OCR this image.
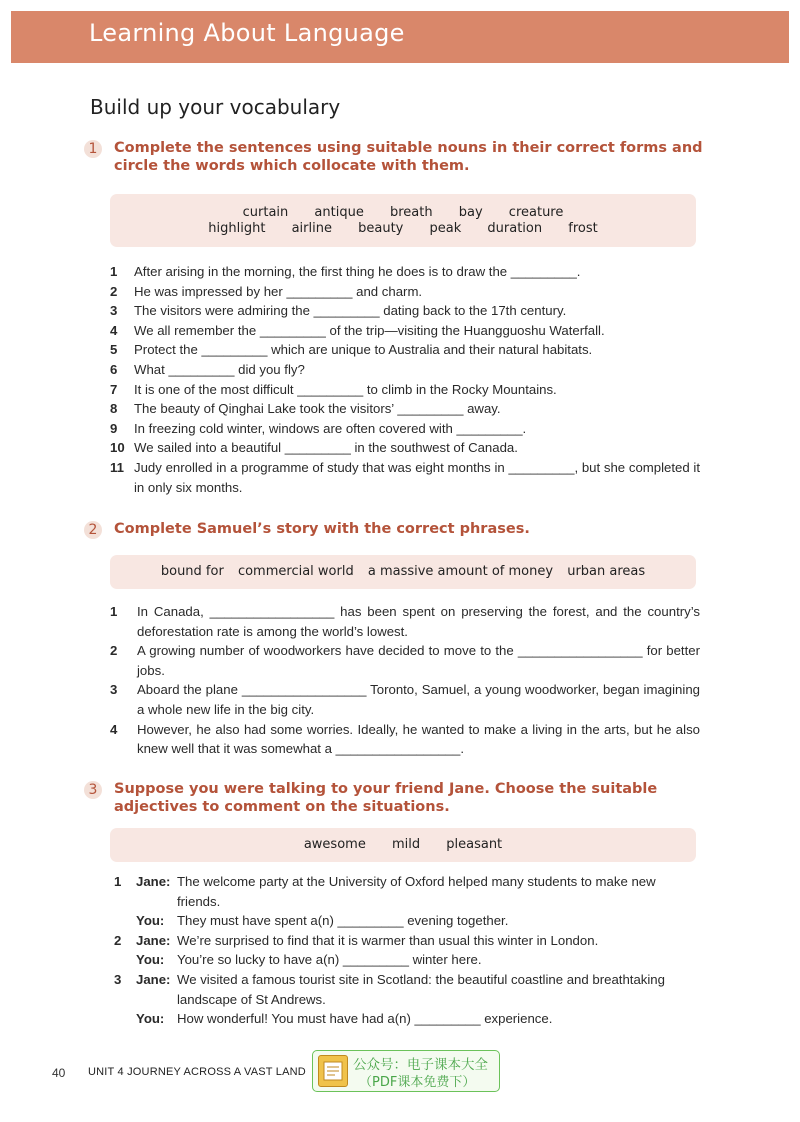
Learning About Language
Build up your vocabulary
1	Complete the sentences using suitable nouns in their correct forms and circle the words which collocate with them.
curtain antique breath bay creature
highlight airline beauty peak duration frost
1 After arising in the morning, the first thing he does is to draw the _________.
2 He was impressed by her _________ and charm.
3 The visitors were admiring the _________ dating back to the 17th century.
4 We all remember the _________ of the trip—visiting the Huangguoshu Waterfall.
5 Protect the _________ which are unique to Australia and their natural habitats.
6 What _________ did you fly?
7 It is one of the most difficult _________ to climb in the Rocky Mountains.
8 The beauty of Qinghai Lake took the visitors’ _________ away.
9 In freezing cold winter, windows are often covered with _________.
10 We sailed into a beautiful _________ in the southwest of Canada.
11 Judy enrolled in a programme of study that was eight months in _________, but she completed it in only six months.
2	Complete Samuel’s story with the correct phrases.
bound for commercial world a massive amount of money urban areas
1 In Canada, _________________ has been spent on preserving the forest, and the country’s deforestation rate is among the world’s lowest.
2 A growing number of woodworkers have decided to move to the _________________ for better jobs.
3 Aboard the plane _________________ Toronto, Samuel, a young woodworker, began imagining a whole new life in the big city.
4 However, he also had some worries. Ideally, he wanted to make a living in the arts, but he also knew well that it was somewhat a _________________.
3	Suppose you were talking to your friend Jane. Choose the suitable adjectives to comment on the situations.
awesome mild pleasant
1 Jane: The welcome party at the University of Oxford helped many students to make new friends.
You: They must have spent a(n) _________ evening together.
2 Jane: We’re surprised to find that it is warmer than usual this winter in London.
You: You’re so lucky to have a(n) _________ winter here.
3 Jane: We visited a famous tourist site in Scotland: the beautiful coastline and breathtaking landscape of St Andrews.
You: How wonderful! You must have had a(n) _________ experience.
40 UNIT 4 JOURNEY ACROSS A VAST LAND	公众号：电子课本大全
（PDF课本免费下）
